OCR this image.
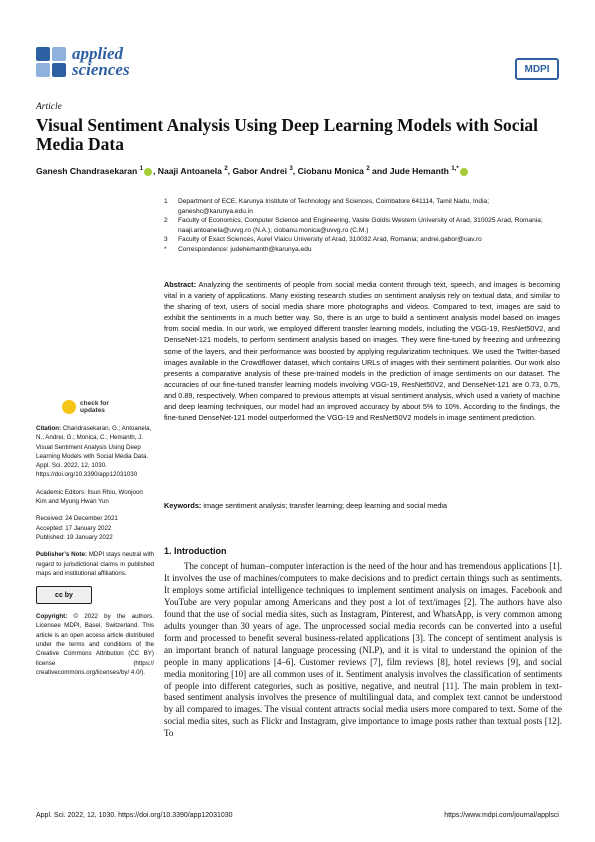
applied
sciences	MDPI
Article
Visual Sentiment Analysis Using Deep Learning Models with Social Media Data
Ganesh Chandrasekaran $^1$ , Naaji Antoanela $^2$, Gabor Andrei $^3$, Ciobanu Monica $^2$ and Jude Hemanth $^{1,*}$
1	Department of ECE, Karunya Institute of Technology and Sciences, Coimbatore 641114, Tamil Nadu, India; ganeshc@karunya.edu.in
2	Faculty of Economics, Computer Science and Engineering, Vasile Goldis Western University of Arad, 310025 Arad, Romania; naaji.antoanela@uvvg.ro (N.A.); ciobanu.monica@uvvg.ro (C.M.)
3	Faculty of Exact Sciences, Aurel Vlaicu University of Arad, 310032 Arad, Romania; andrei.gabor@uav.ro
*	Correspondence: judehemanth@karunya.edu
Abstract: Analyzing the sentiments of people from social media content through text, speech, and images is becoming vital in a variety of applications. Many existing research studies on sentiment analysis rely on textual data, and similar to the sharing of text, users of social media share more photographs and videos. Compared to text, images are said to exhibit the sentiments in a much better way. So, there is an urge to build a sentiment analysis model based on images from social media. In our work, we employed different transfer learning models, including the VGG-19, ResNet50V2, and DenseNet-121 models, to perform sentiment analysis based on images. They were fine-tuned by freezing and unfreezing some of the layers, and their performance was boosted by applying regularization techniques. We used the Twitter-based images available in the Crowdflower dataset, which contains URLs of images with their sentiment polarities. Our work also presents a comparative analysis of these pre-trained models in the prediction of image sentiments on our dataset. The accuracies of our fine-tuned transfer learning models involving VGG-19, ResNet50V2, and DenseNet-121 are 0.73, 0.75, and 0.89, respectively. When compared to previous attempts at visual sentiment analysis, which used a variety of machine and deep learning techniques, our model had an improved accuracy by about 5% to 10%. According to the findings, the fine-tuned DenseNet-121 model outperformed the VGG-19 and ResNet50V2 models in image sentiment prediction.
Keywords: image sentiment analysis; transfer learning; deep learning and social media
check for
updates
Citation: Chandrasekaran, G.; Antoanela, N.; Andrei, G.; Monica, C.; Hemanth, J. Visual Sentiment Analysis Using Deep Learning Models with Social Media Data. Appl. Sci. 2022, 12, 1030. https://doi.org/10.3390/app12031030
Academic Editors: Ilsun Rhiu, Wonjoon Kim and Myung Hwan Yun
Received: 24 December 2021
Accepted: 17 January 2022
Published: 19 January 2022
Publisher’s Note: MDPI stays neutral with regard to jurisdictional claims in published maps and institutional affiliations.
cc by
Copyright: © 2022 by the authors. Licensee MDPI, Basel, Switzerland. This article is an open access article distributed under the terms and conditions of the Creative Commons Attribution (CC BY) license (https:// creativecommons.org/licenses/by/ 4.0/).
1. Introduction
The concept of human–computer interaction is the need of the hour and has tremendous applications [1]. It involves the use of machines/computers to make decisions and to predict certain things such as sentiments. It employs some artificial intelligence techniques to implement sentiment analysis on images. Facebook and YouTube are very popular among Americans and they post a lot of text/images [2]. The authors have also found that the use of social media sites, such as Instagram, Pinterest, and WhatsApp, is very common among adults younger than 30 years of age. The unprocessed social media records can be converted into a useful form and processed to benefit several business-related applications [3]. The concept of sentiment analysis is an important branch of natural language processing (NLP), and it is vital to understand the opinion of the people in many applications [4–6]. Customer reviews [7], film reviews [8], hotel reviews [9], and social media monitoring [10] are all common uses of it. Sentiment analysis involves the classification of sentiments of people into different categories, such as positive, negative, and neutral [11]. The main problem in text-based sentiment analysis involves the presence of multilingual data, and complex text cannot be understood by all compared to images. The visual content attracts social media users more compared to text. Some of the social media sites, such as Flickr and Instagram, give importance to image posts rather than textual posts [12]. To
Appl. Sci. 2022, 12, 1030. https://doi.org/10.3390/app12031030	https://www.mdpi.com/journal/applsci
